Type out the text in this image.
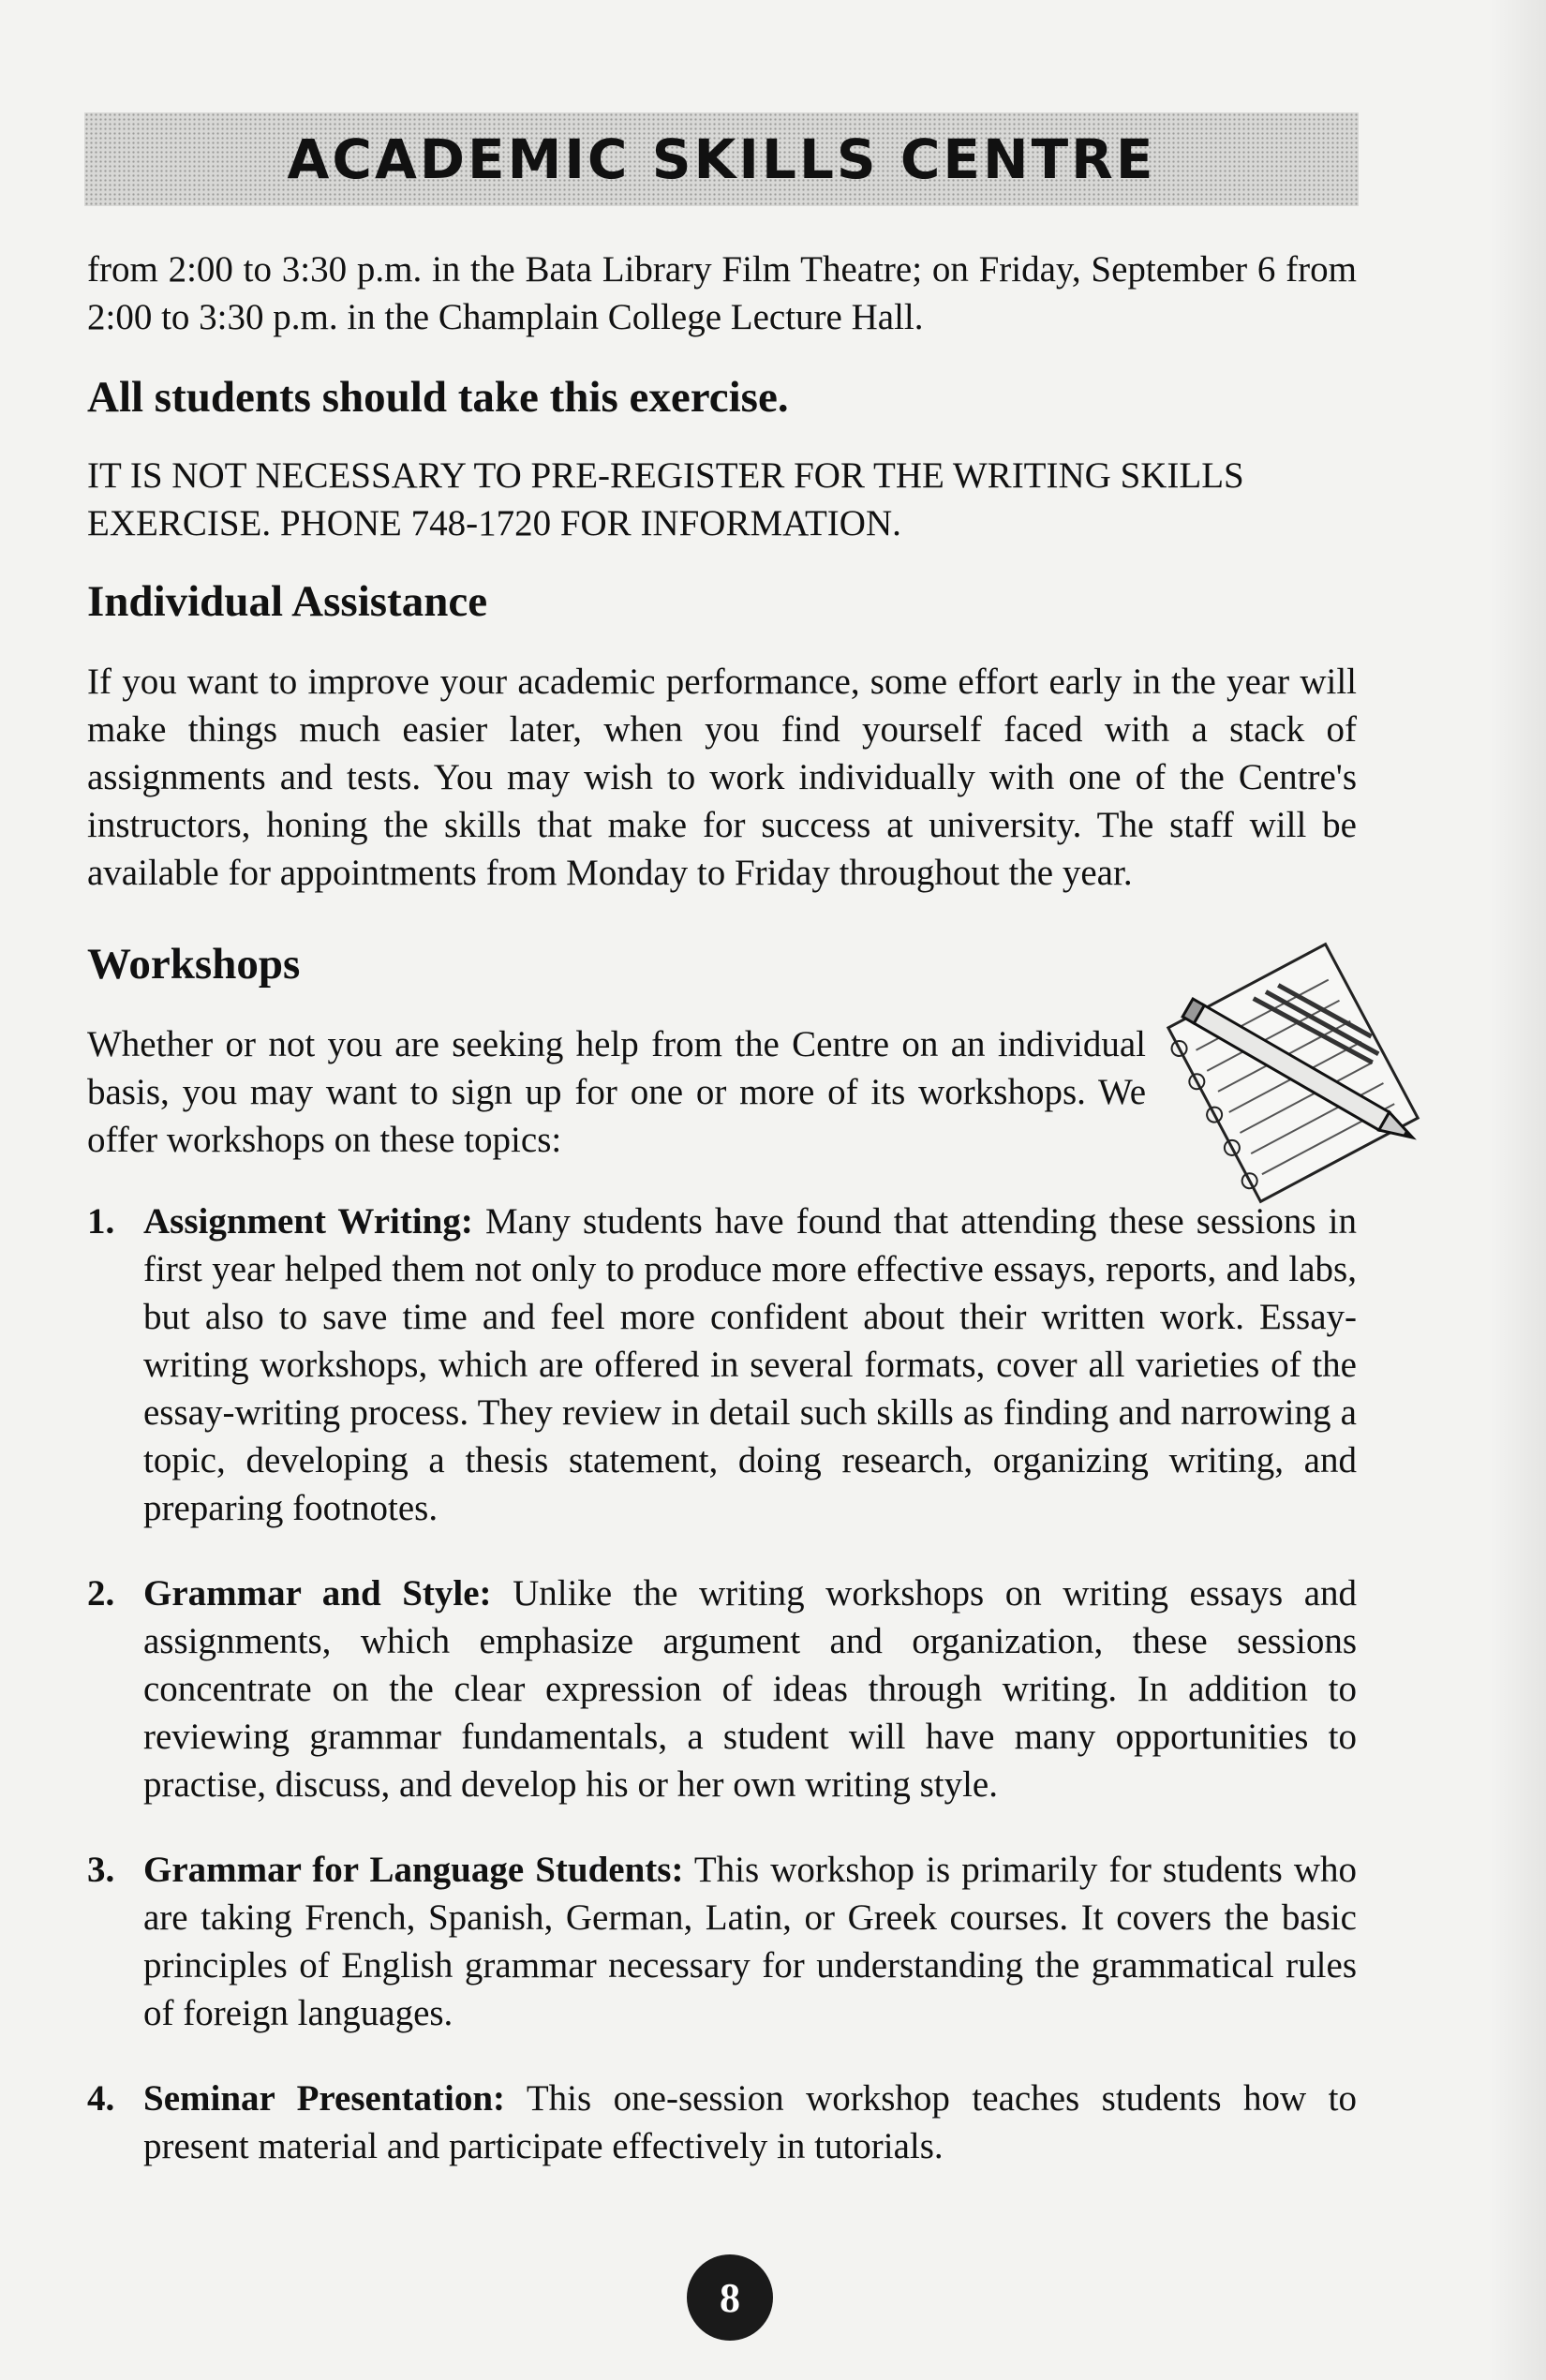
ACADEMIC SKILLS CENTRE

from 2:00 to 3:30 p.m. in the Bata Library Film Theatre; on Friday, September 6 from 2:00 to 3:30 p.m. in the Champlain College Lecture Hall.

All students should take this exercise.

IT IS NOT NECESSARY TO PRE-REGISTER FOR THE WRITING SKILLS EXERCISE. PHONE 748-1720 FOR INFORMATION.

Individual Assistance

If you want to improve your academic performance, some effort early in the year will make things much easier later, when you find yourself faced with a stack of assignments and tests. You may wish to work individually with one of the Centre's instructors, honing the skills that make for success at university. The staff will be available for appointments from Monday to Friday throughout the year.

Workshops

Whether or not you are seeking help from the Centre on an individual basis, you may want to sign up for one or more of its workshops. We offer workshops on these topics:

1. Assignment Writing: Many students have found that attending these sessions in first year helped them not only to produce more effective essays, reports, and labs, but also to save time and feel more confident about their written work. Essay-writing workshops, which are offered in several formats, cover all varieties of the essay-writing process. They review in detail such skills as finding and narrowing a topic, developing a thesis statement, doing research, organizing writing, and preparing footnotes.

2. Grammar and Style: Unlike the writing workshops on writing essays and assignments, which emphasize argument and organization, these sessions concentrate on the clear expression of ideas through writing. In addition to reviewing grammar fundamentals, a student will have many opportunities to practise, discuss, and develop his or her own writing style.

3. Grammar for Language Students: This workshop is primarily for students who are taking French, Spanish, German, Latin, or Greek courses. It covers the basic principles of English grammar necessary for understanding the grammatical rules of foreign languages.

4. Seminar Presentation: This one-session workshop teaches students how to present material and participate effectively in tutorials.

8
